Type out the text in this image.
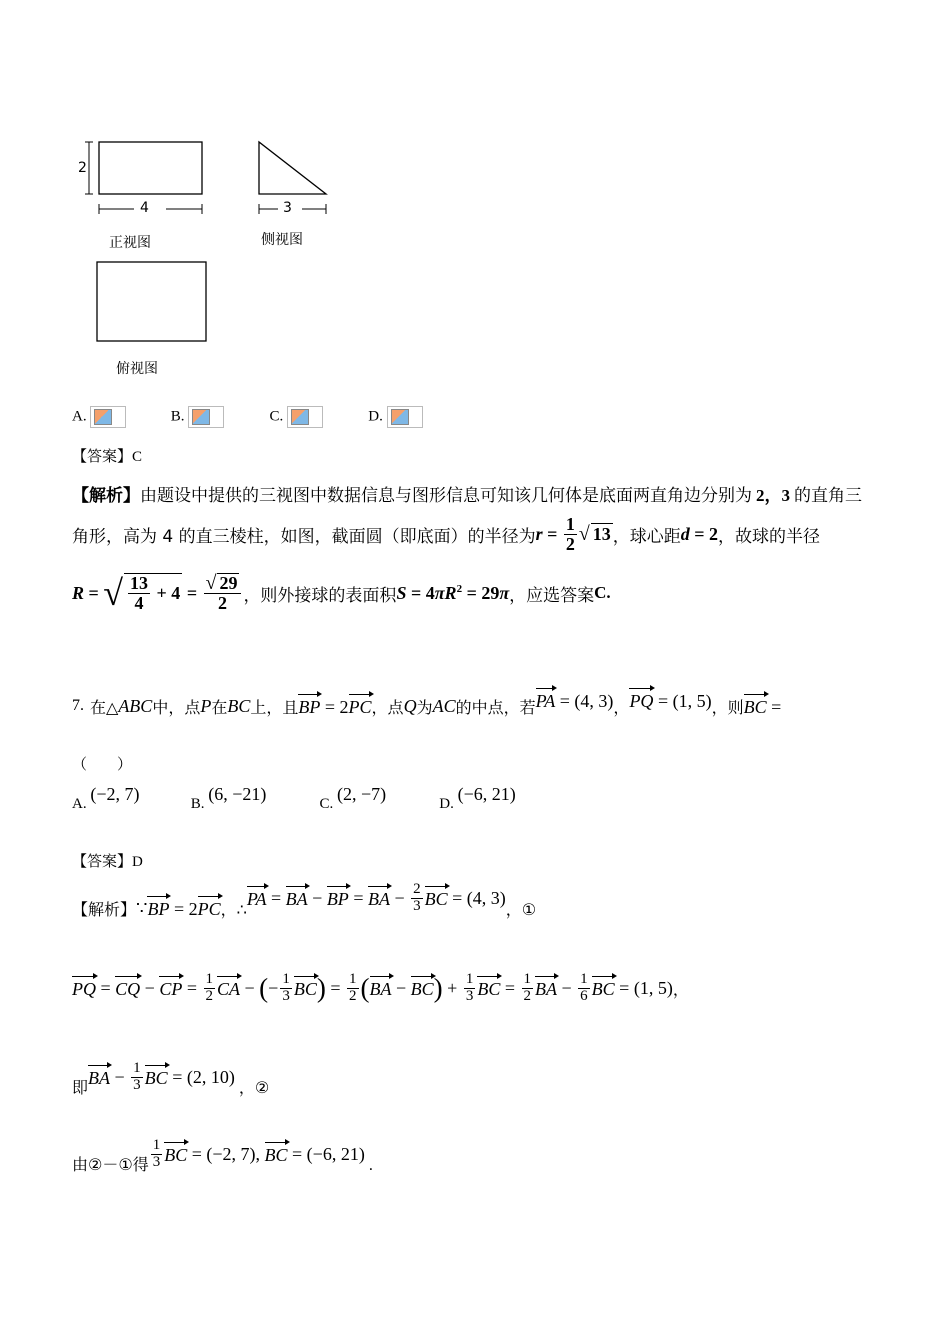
2
4	3
正视图	侧视图
俯视图
A.	B.	C.	D.
【答案】C
【解析】由题设中提供的三视图中数据信息与图形信息可知该几何体是底面两直角边分别为 2，3 的直角三
角形，高为 4 的直三棱柱，如图，截面圆（即底面）的半径为 $r = \frac{1}{2}$ √ 13 ，球心距 d = 2 ，故球的半径
R = √ $\frac{13}{4} + 4 = \frac{√ 29}{2}$ ，则外接球的表面积 $S = 4\pi R^2 = 29\pi$ ，应选答案 C.
7. 在△ ABC 中，点 P 在 BC 上，且 BP = 2PC ，点 Q 为 AC 的中点，若 PA = (4, 3) ， PQ = (1, 5) ，则 BC =
（　　）
A. (−2, 7)	B. (6, −21)	C. (2, −7)	D. (−6, 21)
【答案】D
【解析】 ∵ BP = 2PC ，∴ PA = BA − BP = BA − $\frac{2}{3}$ BC = (4, 3)
，①
PQ = CQ − CP = $\frac{1}{2}$ CA − ( − $\frac{1}{3}$ BC ) = $\frac{1}{2}$ ( BA − BC ) + $\frac{1}{3}$ BC = $\frac{1}{2}$ BA − $\frac{1}{6}$ BC = (1, 5) ，
即 BA − $\frac{1}{3}$ BC = (2, 10)
，②
由②－①得 $\frac{1}{3}$ BC = (−2, 7), BC = (−6, 21)
.
